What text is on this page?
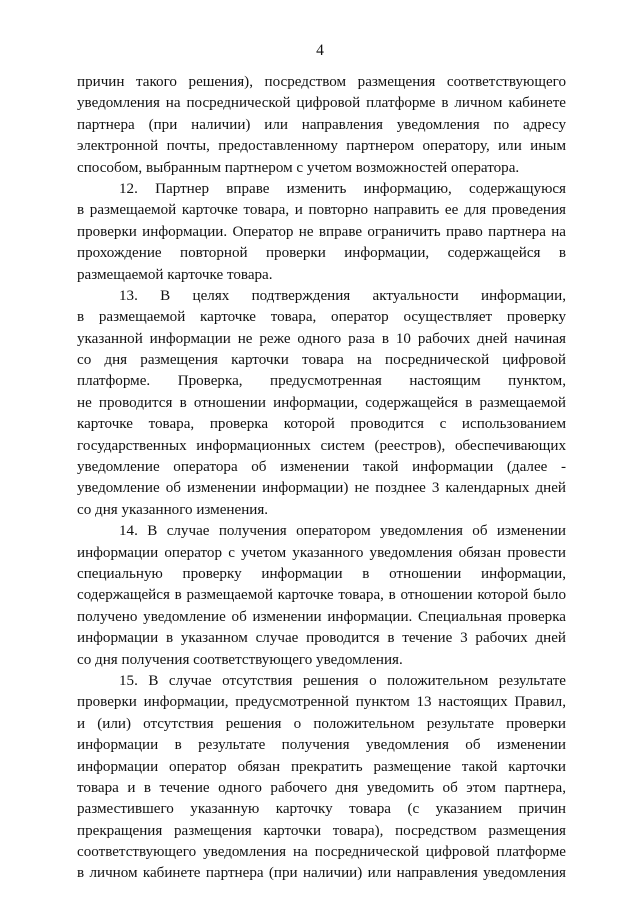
4
причин такого решения), посредством размещения соответствующего
уведомления на посреднической цифровой платформе в личном кабинете
партнера (при наличии) или направления уведомления по адресу
электронной почты, предоставленному партнером оператору, или иным
способом, выбранным партнером с учетом возможностей оператора.
12. Партнер вправе изменить информацию, содержащуюся
в размещаемой карточке товара, и повторно направить ее для проведения
проверки информации. Оператор не вправе ограничить право партнера на
прохождение повторной проверки информации, содержащейся в
размещаемой карточке товара.
13. В целях подтверждения актуальности информации,
в размещаемой карточке товара, оператор осуществляет проверку
указанной информации не реже одного раза в 10 рабочих дней начиная
со дня размещения карточки товара на посреднической цифровой
платформе. Проверка, предусмотренная настоящим пунктом,
не проводится в отношении информации, содержащейся в размещаемой
карточке товара, проверка которой проводится с использованием
государственных информационных систем (реестров), обеспечивающих
уведомление оператора об изменении такой информации (далее -
уведомление об изменении информации) не позднее 3 календарных дней
со дня указанного изменения.
14. В случае получения оператором уведомления об изменении
информации оператор с учетом указанного уведомления обязан провести
специальную проверку информации в отношении информации,
содержащейся в размещаемой карточке товара, в отношении которой было
получено уведомление об изменении информации. Специальная проверка
информации в указанном случае проводится в течение 3 рабочих дней
со дня получения соответствующего уведомления.
15. В случае отсутствия решения о положительном результате
проверки информации, предусмотренной пунктом 13 настоящих Правил,
и (или) отсутствия решения о положительном результате проверки
информации в результате получения уведомления об изменении
информации оператор обязан прекратить размещение такой карточки
товара и в течение одного рабочего дня уведомить об этом партнера,
разместившего указанную карточку товара (с указанием причин
прекращения размещения карточки товара), посредством размещения
соответствующего уведомления на посреднической цифровой платформе
в личном кабинете партнера (при наличии) или направления уведомления
